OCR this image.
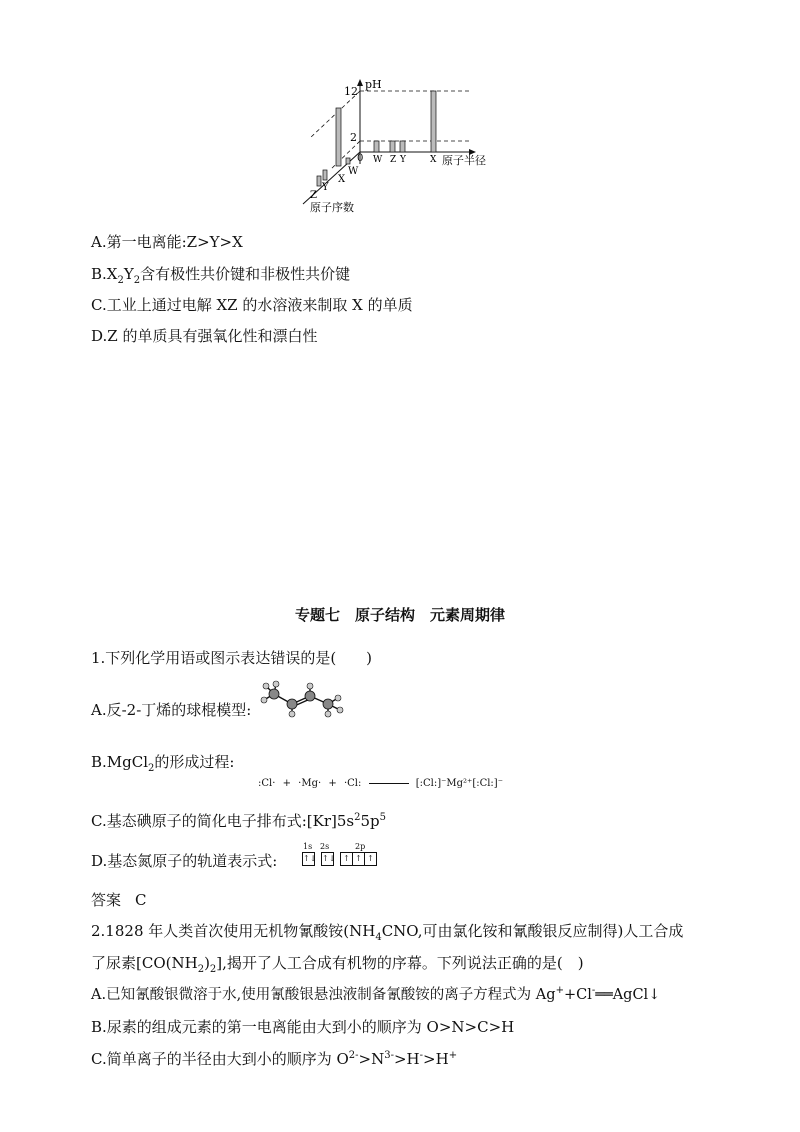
pH
12
2
0	原子半径
原子序数
W Z Y	X
Z
Y
X
W
A.第一电离能:Z>Y>X
$B.X_2Y_2$含有极性共价键和非极性共价键
C.工业上通过电解 XZ 的水溶液来制取 X 的单质
D.Z 的单质具有强氧化性和漂白性
专题七　原子结构　元素周期律
1.下列化学用语或图示表达错误的是(　　)
A.反-2-丁烯的球棍模型:
B.MgCl$_2$的形成过程:
:Cl· + ·Mg· + ·Cl:	[:Cl:]⁻Mg²⁺[:Cl:]⁻
C.基态碘原子的简化电子排布式$:[Kr]5s^25p^5$
D.基态氮原子的轨道表示式:
1s 2s	2p
↑↓ ↑↓ ↑ ↑ ↑
答案 C
2.1828 年人类首次使用无机物氰酸铵($NH_4CNO$,可由氯化铵和氰酸银反应制得)人工合成
了尿素$[CO(NH_2)_2]$,揭开了人工合成有机物的序幕。下列说法正确的是(　)
A.已知氰酸银微溶于水,使用氰酸银悬浊液制备氰酸铵的离子方程式为 Ag++Cl-══AgCl↓
B.尿素的组成元素的第一电离能由大到小的顺序为 O>N>C>H
C.简单离子的半径由大到小的顺序为 $O^{2-}>N^{3-}>H^->H^+$
